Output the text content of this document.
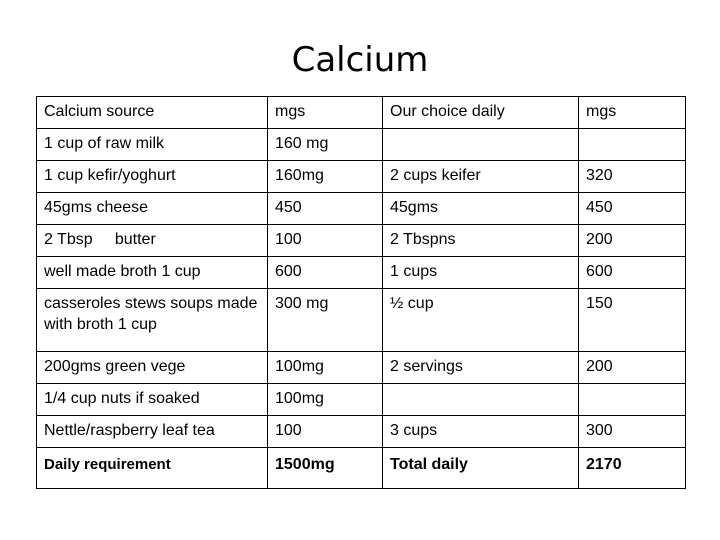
Calcium
Calcium source	mgs	Our choice daily	mgs
1 cup of raw milk	160 mg		
1 cup kefir/yoghurt	160mg	2 cups keifer	320
45gms cheese	450	45gms	450
2 Tbsp     butter	100	2 Tbspns	200
well made broth 1 cup	600	1 cups	600
casseroles stews soups made with broth 1 cup	300 mg	½ cup	150
200gms green vege	100mg	2 servings	200
1/4 cup nuts if soaked	100mg		
Nettle/raspberry leaf tea	100	3 cups	300
Daily requirement	1500mg	Total daily	2170
